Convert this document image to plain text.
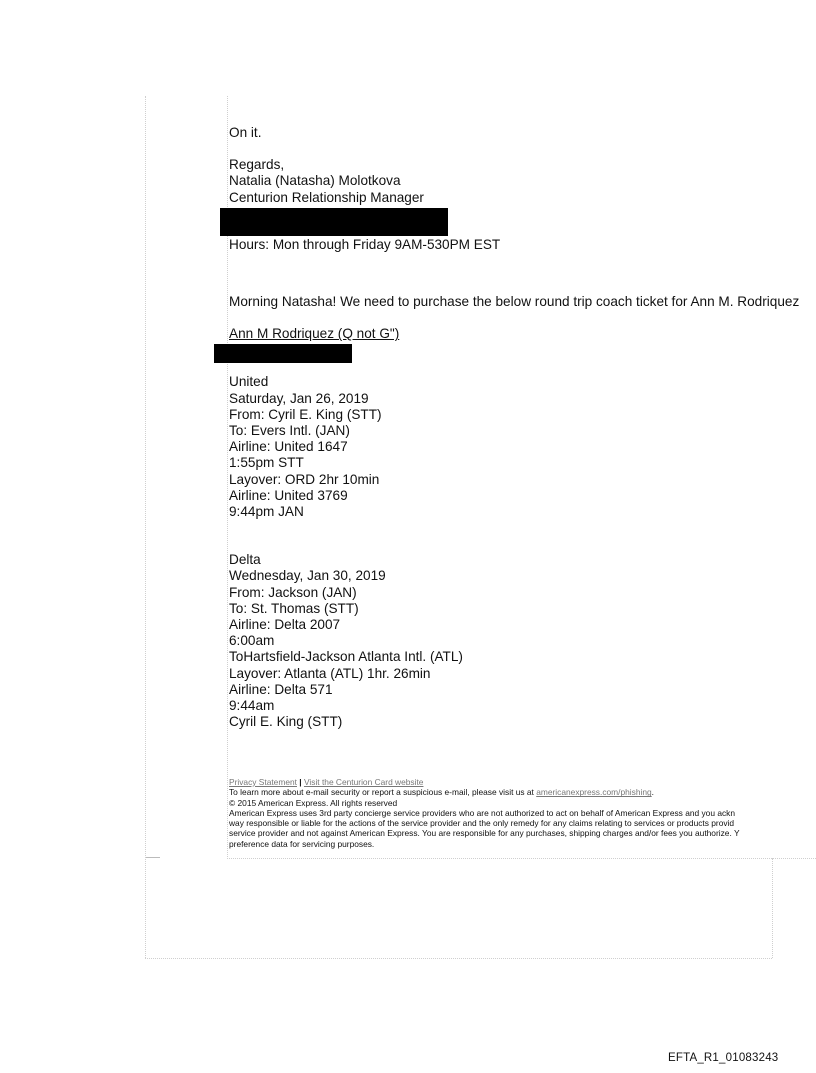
On it.

Regards,

Natalia (Natasha) Molotkova

Centurion Relationship Manager

Hours: Mon through Friday 9AM-530PM EST

Morning Natasha! We need to purchase the below round trip coach ticket for Ann M. Rodriquez

Ann M Rodriquez (Q not G")

United

Saturday, Jan 26, 2019

From: Cyril E. King (STT)

To: Evers Intl. (JAN)

Airline: United 1647

1:55pm STT

Layover: ORD 2hr 10min

Airline: United 3769

9:44pm JAN

Delta

Wednesday, Jan 30, 2019

From: Jackson (JAN)

To: St. Thomas (STT)

Airline: Delta 2007

6:00am

ToHartsfield-Jackson Atlanta Intl. (ATL)

Layover: Atlanta (ATL) 1hr. 26min

Airline: Delta 571

9:44am

Cyril E. King (STT)

Privacy Statement | Visit the Centurion Card website
To learn more about e-mail security or report a suspicious e-mail, please visit us at americanexpress.com/phishing.
© 2015 American Express. All rights reserved
American Express uses 3rd party concierge service providers who are not authorized to act on behalf of American Express and you ackn
way responsible or liable for the actions of the service provider and the only remedy for any claims relating to services or products provid
service provider and not against American Express. You are responsible for any purchases, shipping charges and/or fees you authorize. Y
preference data for servicing purposes.
EFTA_R1_01083243
